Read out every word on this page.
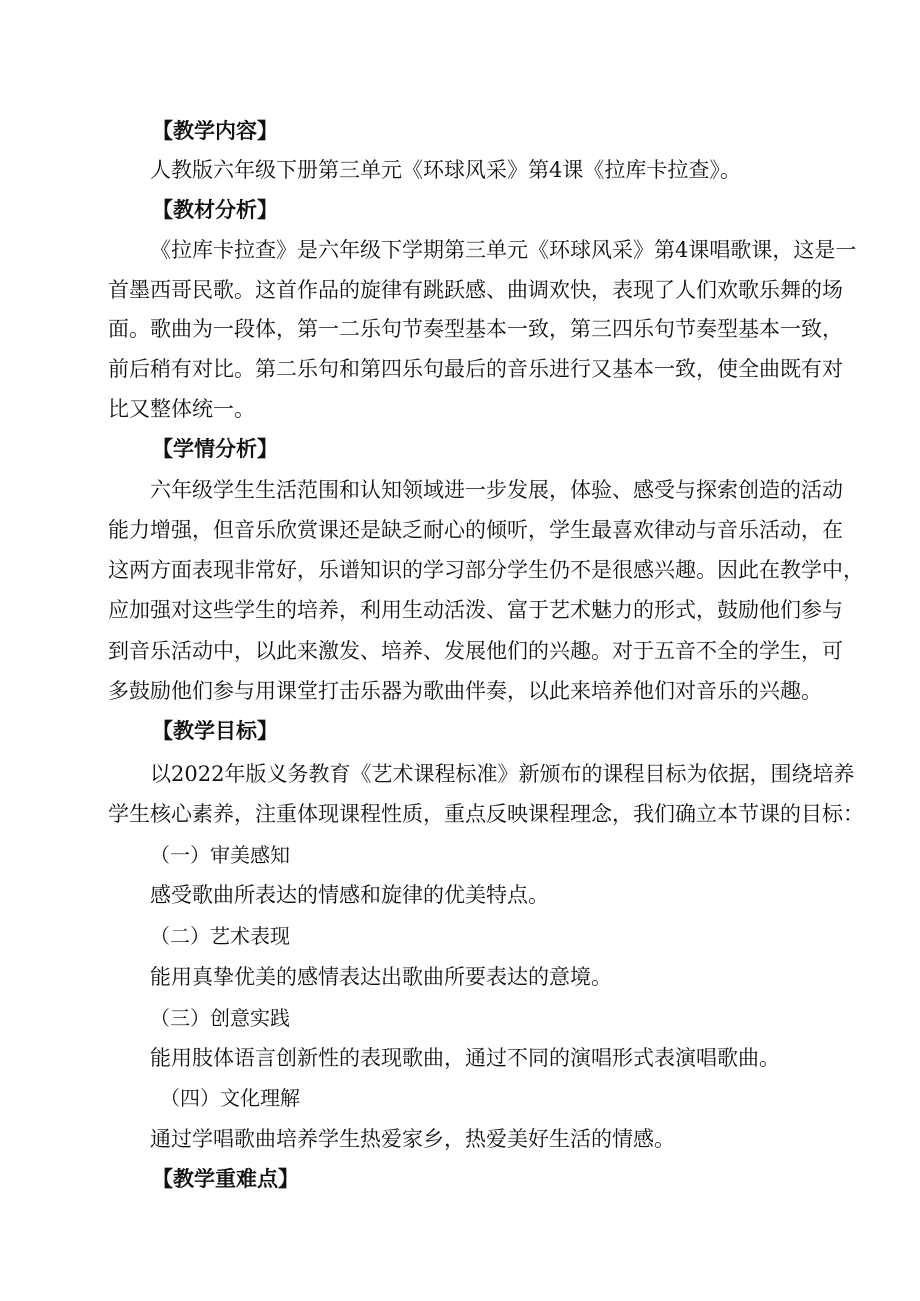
【教学内容】
人教版六年级下册第三单元《环球风采》第4课《拉库卡拉查》。
【教材分析】
《拉库卡拉查》是六年级下学期第三单元《环球风采》第4课唱歌课，这是一
首墨西哥民歌。这首作品的旋律有跳跃感、曲调欢快，表现了人们欢歌乐舞的场
面。歌曲为一段体，第一二乐句节奏型基本一致，第三四乐句节奏型基本一致，
前后稍有对比。第二乐句和第四乐句最后的音乐进行又基本一致，使全曲既有对
比又整体统一。
【学情分析】
六年级学生生活范围和认知领域进一步发展，体验、感受与探索创造的活动
能力增强，但音乐欣赏课还是缺乏耐心的倾听，学生最喜欢律动与音乐活动，在
这两方面表现非常好，乐谱知识的学习部分学生仍不是很感兴趣。因此在教学中，
应加强对这些学生的培养，利用生动活泼、富于艺术魅力的形式，鼓励他们参与
到音乐活动中，以此来激发、培养、发展他们的兴趣。对于五音不全的学生，可
多鼓励他们参与用课堂打击乐器为歌曲伴奏，以此来培养他们对音乐的兴趣。
【教学目标】
以2022年版义务教育《艺术课程标准》新颁布的课程目标为依据，围绕培养
学生核心素养，注重体现课程性质，重点反映课程理念，我们确立本节课的目标：
（一）审美感知
感受歌曲所表达的情感和旋律的优美特点。
（二）艺术表现
能用真挚优美的感情表达出歌曲所要表达的意境。
（三）创意实践
能用肢体语言创新性的表现歌曲，通过不同的演唱形式表演唱歌曲。
（四）文化理解
通过学唱歌曲培养学生热爱家乡，热爱美好生活的情感。
【教学重难点】
